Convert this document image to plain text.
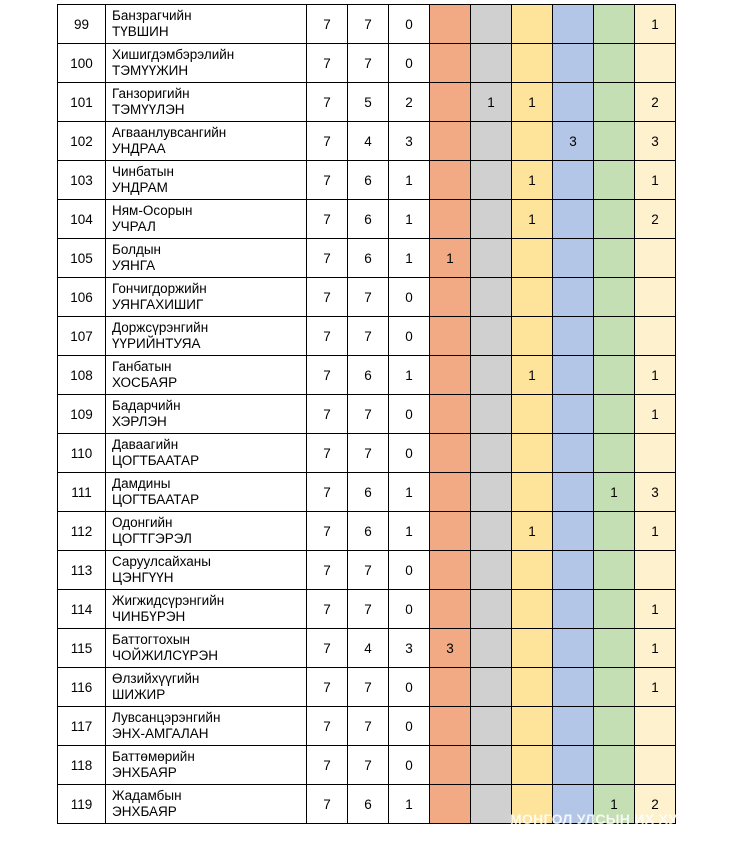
99	Банзрагчийн
ТҮВШИН	7	7	0						1
100	Хишигдэмбэрэлийн
ТЭМҮҮЖИН	7	7	0						
101	Ганзоригийн
ТЭМҮҮЛЭН	7	5	2		1	1			2
102	Агваанлувсангийн
УНДРАА	7	4	3				3		3
103	Чинбатын
УНДРАМ	7	6	1			1			1
104	Ням-Осорын
УЧРАЛ	7	6	1			1			2
105	Болдын
УЯНГА	7	6	1	1					
106	Гончигдоржийн
УЯНГАХИШИГ	7	7	0						
107	Доржсүрэнгийн
ҮҮРИЙНТУЯА	7	7	0						
108	Ганбатын
ХОСБАЯР	7	6	1			1			1
109	Бадарчийн
ХЭРЛЭН	7	7	0						1
110	Даваагийн
ЦОГТБААТАР	7	7	0						
111	Дамдины
ЦОГТБААТАР	7	6	1					1	3
112	Одонгийн
ЦОГТГЭРЭЛ	7	6	1			1			1
113	Саруулсайханы
ЦЭНГҮҮН	7	7	0						
114	Жигжидсүрэнгийн
ЧИНБҮРЭН	7	7	0						1
115	Баттогтохын
ЧОЙЖИЛСҮРЭН	7	4	3	3					1
116	Өлзийхүүгийн
ШИЖИР	7	7	0						1
117	Лувсанцэрэнгийн
ЭНХ-АМГАЛАН	7	7	0						
118	Баттөмөрийн
ЭНХБАЯР	7	7	0						
119	Жадамбын
ЭНХБАЯР	7	6	1					1	2
МОНГОЛ УЛСЫН ИХ ХУРАЛ
